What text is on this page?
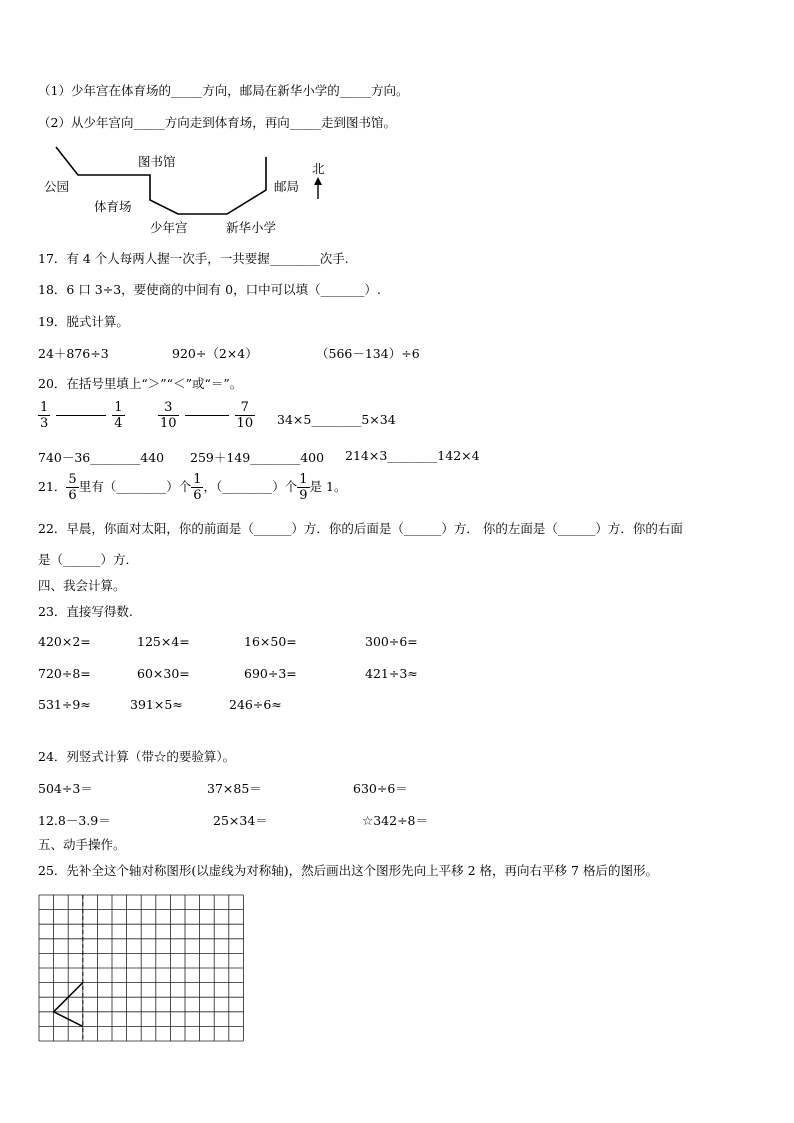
（1）少年宫在体育场的_____方向，邮局在新华小学的_____方向。
（2）从少年宫向_____方向走到体育场，再向_____走到图书馆。
公园
图书馆
体育场
少年宫	新华小学
邮局
北
17．有 4 个人每两人握一次手，一共要握________次手.
18．6 口 3÷3，要使商的中间有 0，口中可以填（_______）.
19．脱式计算。
24＋876÷3	920÷（2×4）	（566－134）÷6
20．在括号里填上“＞”“＜”或“＝”。
$\frac{1}{3}$	$\frac{1}{4}$	$\frac{3}{10}$	$\frac{7}{10}$ 34×5________5×34
740－36________440 259＋149________400 214×3________142×4
21． $\frac{5}{6}$ 里有（________）个 $\frac{1}{6}$ ，（________）个 $\frac{1}{9}$ 是 1。
22．早晨，你面对太阳，你的前面是（______）方．你的后面是（______）方． 你的左面是（______）方．你的右面
是（______）方．
四、我会计算。
23．直接写得数.
420×2=	125×4=	16×50=	300÷6=
720÷8=	60×30=	690÷3=	421÷3≈
531÷9≈	391×5≈	246÷6≈
24．列竖式计算（带☆的要验算）。
504÷3＝	37×85＝	630÷6＝
12.8－3.9＝	25×34＝	☆342÷8＝
五、动手操作。
25．先补全这个轴对称图形(以虚线为对称轴)，然后画出这个图形先向上平移 2 格，再向右平移 7 格后的图形。
